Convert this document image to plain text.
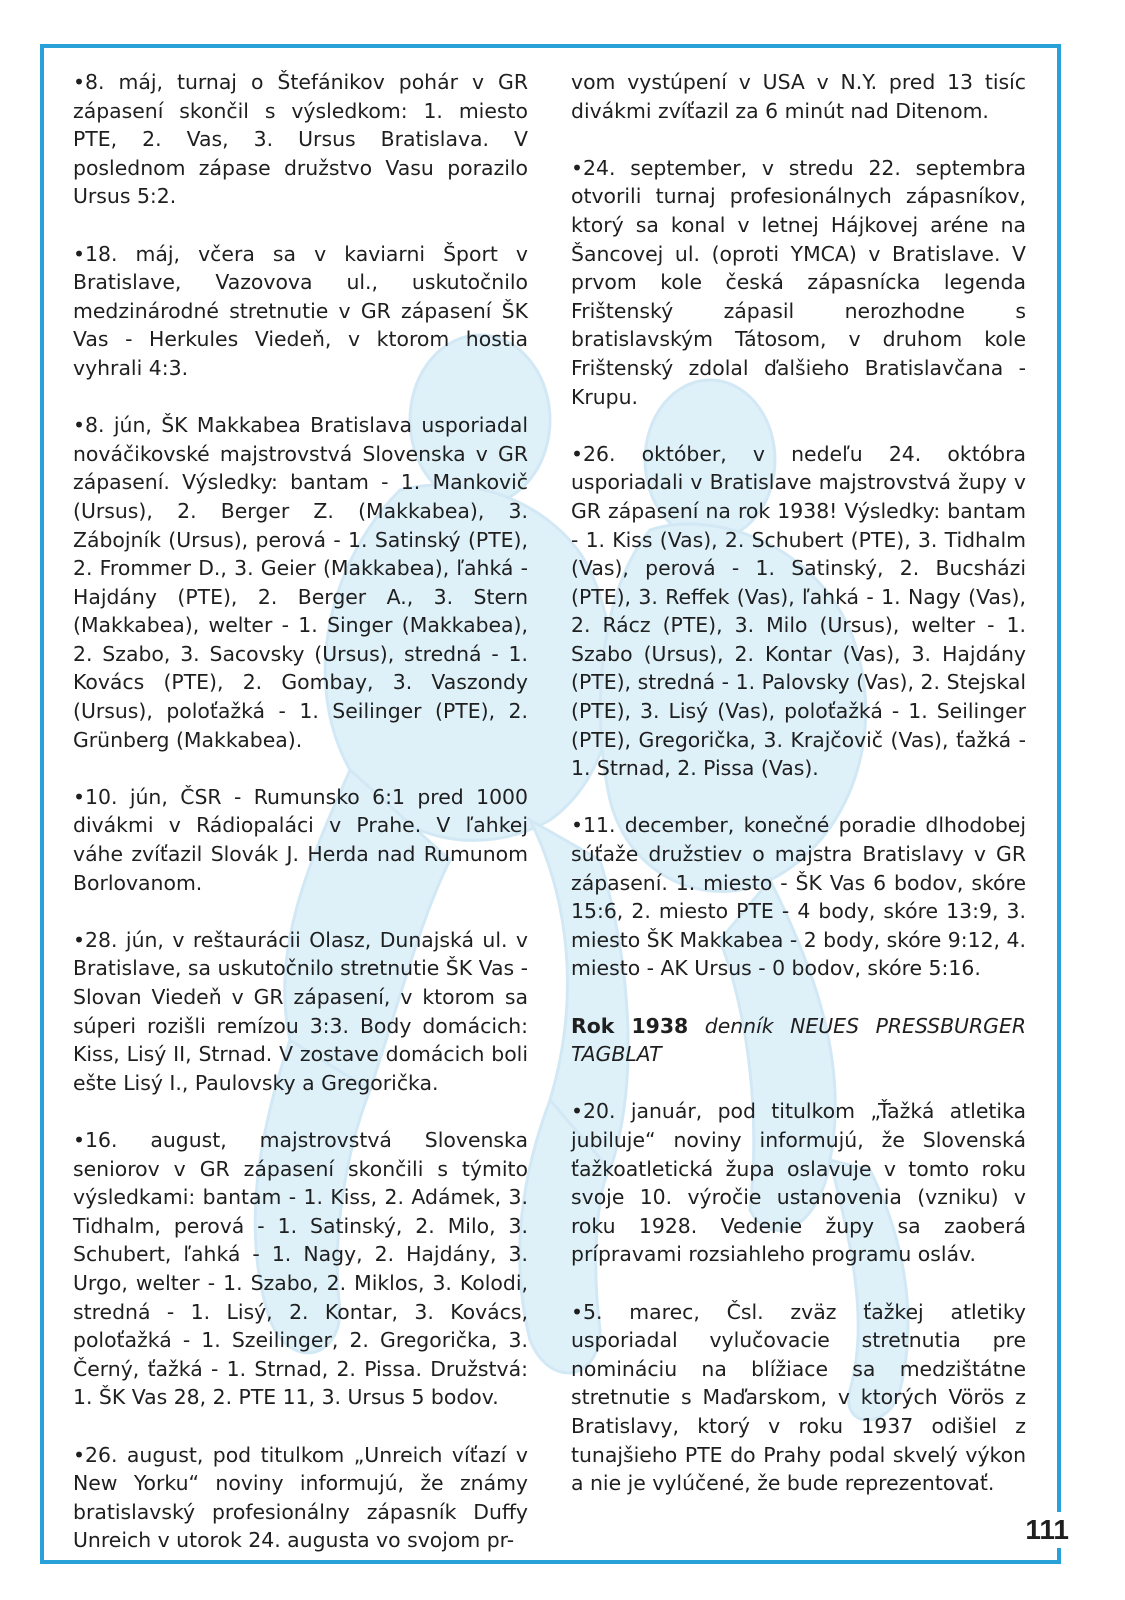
•8. máj, turnaj o Štefánikov pohár v GR zápasení skončil s výsledkom: 1. miesto PTE, 2. Vas, 3. Ursus Bratislava. V poslednom zápase družstvo Vasu porazilo Ursus 5:2.

•18. máj, včera sa v kaviarni Šport v Bratislave, Vazovova ul., uskutočnilo medzinárodné stretnutie v GR zápasení ŠK Vas - Herkules Viedeň, v ktorom hostia vyhrali 4:3.

•8. jún, ŠK Makkabea Bratislava usporiadal nováčikovské majstrovstvá Slovenska v GR zápasení. Výsledky: bantam - 1. Mankovič (Ursus), 2. Berger Z. (Makkabea), 3. Zábojník (Ursus), perová - 1. Satinský (PTE), 2. Frommer D., 3. Geier (Makkabea), ľahká - Hajdány (PTE), 2. Berger A., 3. Stern (Makkabea), welter - 1. Singer (Makkabea), 2. Szabo, 3. Sacovsky (Ursus), stredná - 1. Kovács (PTE), 2. Gombay, 3. Vaszondy (Ursus), poloťažká - 1. Seilinger (PTE), 2. Grünberg (Makkabea).

•10. jún, ČSR - Rumunsko 6:1 pred 1000 divákmi v Rádiopaláci v Prahe. V ľahkej váhe zvíťazil Slovák J. Herda nad Rumunom Borlovanom.

•28. jún, v reštaurácii Olasz, Dunajská ul. v Bratislave, sa uskutočnilo stretnutie ŠK Vas - Slovan Viedeň v GR zápasení, v ktorom sa súperi rozišli remízou 3:3. Body domácich: Kiss, Lisý II, Strnad. V zostave domácich boli ešte Lisý I., Paulovsky a Gregorička.

•16. august, majstrovstvá Slovenska seniorov v GR zápasení skončili s týmito výsledkami: bantam - 1. Kiss, 2. Adámek, 3. Tidhalm, perová - 1. Satinský, 2. Milo, 3. Schubert, ľahká - 1. Nagy, 2. Hajdány, 3. Urgo, welter - 1. Szabo, 2. Miklos, 3. Kolodi, stredná - 1. Lisý, 2. Kontar, 3. Kovács, poloťažká - 1. Szeilinger, 2. Gregorička, 3. Černý, ťažká - 1. Strnad, 2. Pissa. Družstvá: 1. ŠK Vas 28, 2. PTE 11, 3. Ursus 5 bodov.

•26. august, pod titulkom „Unreich víťazí v New Yorku“ noviny informujú, že známy bratislavský profesionálny zápasník Duffy Unreich v utorok 24. augusta vo svojom pr-

vom vystúpení v USA v N.Y. pred 13 tisíc divákmi zvíťazil za 6 minút nad Ditenom.

•24. september, v stredu 22. septembra otvorili turnaj profesionálnych zápasníkov, ktorý sa konal v letnej Hájkovej aréne na Šancovej ul. (oproti YMCA) v Bratislave. V prvom kole česká zápasnícka legenda Frištenský zápasil nerozhodne s bratislavským Tátosom, v druhom kole Frištenský zdolal ďalšieho Bratislavčana - Krupu.

•26. október, v nedeľu 24. októbra usporiadali v Bratislave majstrovstvá župy v GR zápasení na rok 1938! Výsledky: bantam - 1. Kiss (Vas), 2. Schubert (PTE), 3. Tidhalm (Vas), perová - 1. Satinský, 2. Bucsházi (PTE), 3. Reffek (Vas), ľahká - 1. Nagy (Vas), 2. Rácz (PTE), 3. Milo (Ursus), welter - 1. Szabo (Ursus), 2. Kontar (Vas), 3. Hajdány (PTE), stredná - 1. Palovsky (Vas), 2. Stejskal (PTE), 3. Lisý (Vas), poloťažká - 1. Seilinger (PTE), Gregorička, 3. Krajčovič (Vas), ťažká - 1. Strnad, 2. Pissa (Vas).

•11. december, konečné poradie dlhodobej súťaže družstiev o majstra Bratislavy v GR zápasení. 1. miesto - ŠK Vas 6 bodov, skóre 15:6, 2. miesto PTE - 4 body, skóre 13:9, 3. miesto ŠK Makkabea - 2 body, skóre 9:12, 4. miesto - AK Ursus - 0 bodov, skóre 5:16.

Rok 1938 denník NEUES PRESSBURGER TAGBLAT

•20. január, pod titulkom „Ťažká atletika jubiluje“ noviny informujú, že Slovenská ťažkoatletická župa oslavuje v tomto roku svoje 10. výročie ustanovenia (vzniku) v roku 1928. Vedenie župy sa zaoberá prípravami rozsiahleho programu osláv.

•5. marec, Čsl. zväz ťažkej atletiky usporiadal vylučovacie stretnutia pre nomináciu na blížiace sa medzištátne stretnutie s Maďarskom, v ktorých Vörös z Bratislavy, ktorý v roku 1937 odišiel z tunajšieho PTE do Prahy podal skvelý výkon a nie je vylúčené, že bude reprezentovať.

111
